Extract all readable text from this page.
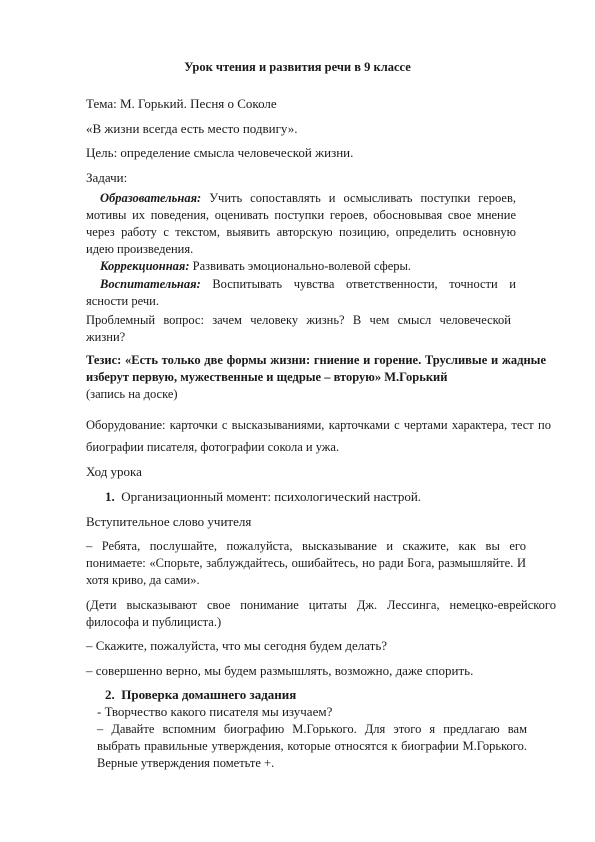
Урок чтения и развития речи в 9 классе

Тема: М. Горький. Песня о Соколе

«В жизни всегда есть место подвигу».

Цель: определение смысла человеческой жизни.

Задачи:

Образовательная: Учить сопоставлять и осмысливать поступки героев, мотивы их поведения, оценивать поступки героев, обосновывая свое мнение через работу с текстом, выявить авторскую позицию, определить основную идею произведения.

Коррекционная: Развивать эмоционально-волевой сферы.

Воспитательная: Воспитывать чувства ответственности, точности и ясности речи.

Проблемный вопрос: зачем человеку жизнь? В чем смысл человеческой жизни?

Тезис: «Есть только две формы жизни: гниение и горение. Трусливые и жадные изберут первую, мужественные и щедрые – вторую» М.Горький
(запись на доске)

Оборудование: карточки с высказываниями, карточками с чертами характера, тест по биографии писателя, фотографии сокола и ужа.

Ход урока

1. Организационный момент: психологический настрой.

Вступительное слово учителя

– Ребята, послушайте, пожалуйста, высказывание и скажите, как вы его понимаете: «Спорьте, заблуждайтесь, ошибайтесь, но ради Бога, размышляйте. И хотя криво, да сами».

(Дети высказывают свое понимание цитаты Дж. Лессинга, немецко-еврейского философа и публициста.)

– Скажите, пожалуйста, что мы сегодня будем делать?

– совершенно верно, мы будем размышлять, возможно, даже спорить.

2. Проверка домашнего задания

- Творчество какого писателя мы изучаем?

– Давайте вспомним биографию М.Горького. Для этого я предлагаю вам выбрать правильные утверждения, которые относятся к биографии М.Горького. Верные утверждения пометьте +.
